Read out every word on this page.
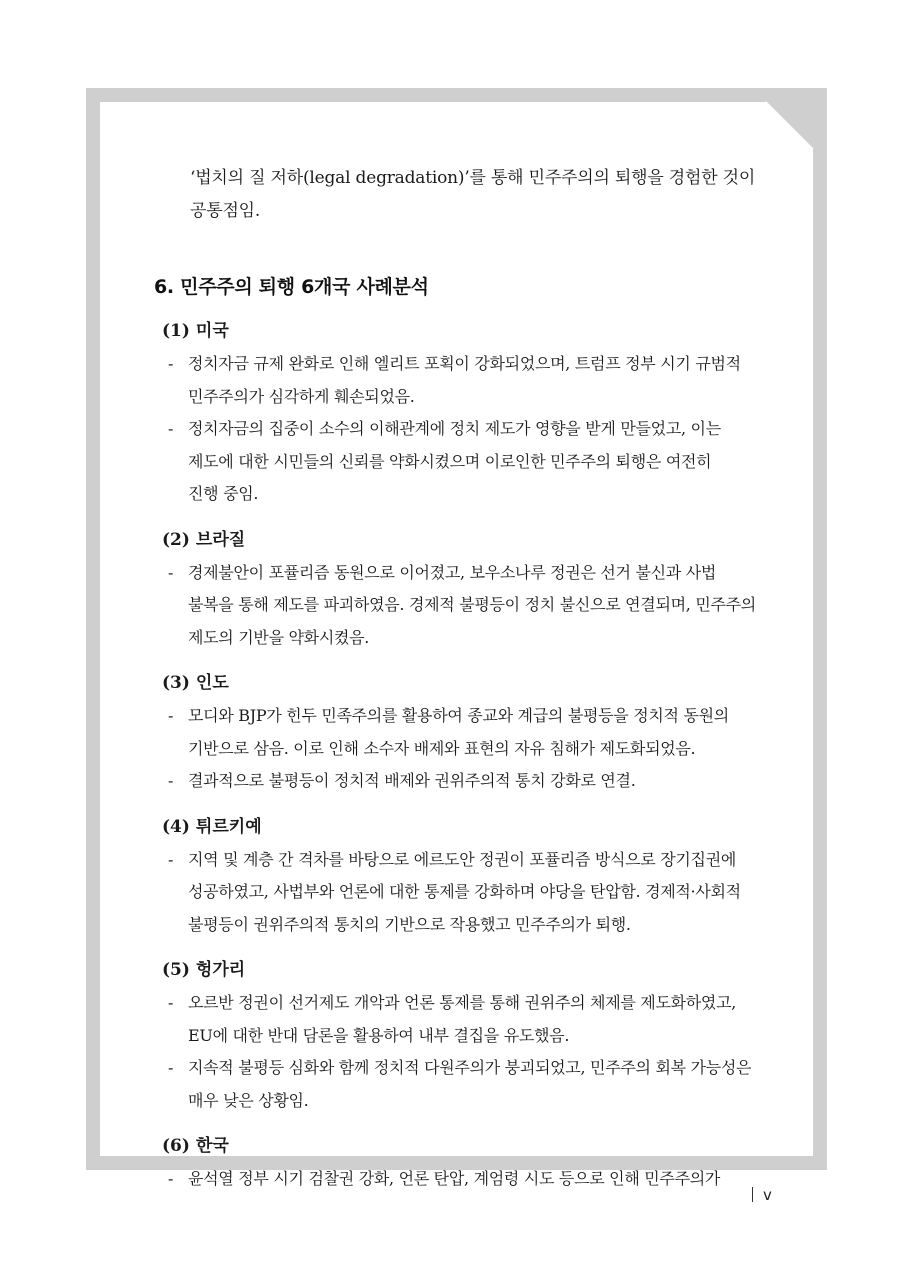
‘법치의 질 저하(legal degradation)’를 통해 민주주의의 퇴행을 경험한 것이

공통점임.

6. 민주주의 퇴행 6개국 사례분석

(1) 미국

- 정치자금 규제 완화로 인해 엘리트 포획이 강화되었으며, 트럼프 정부 시기 규범적
민주주의가 심각하게 훼손되었음.
- 정치자금의 집중이 소수의 이해관계에 정치 제도가 영향을 받게 만들었고, 이는
제도에 대한 시민들의 신뢰를 약화시켰으며 이로인한 민주주의 퇴행은 여전히
진행 중임.

(2) 브라질

- 경제불안이 포퓰리즘 동원으로 이어졌고, 보우소나루 정권은 선거 불신과 사법
불복을 통해 제도를 파괴하였음. 경제적 불평등이 정치 불신으로 연결되며, 민주주의
제도의 기반을 약화시켰음.

(3) 인도

- 모디와 BJP가 힌두 민족주의를 활용하여 종교와 계급의 불평등을 정치적 동원의
기반으로 삼음. 이로 인해 소수자 배제와 표현의 자유 침해가 제도화되었음.
- 결과적으로 불평등이 정치적 배제와 권위주의적 통치 강화로 연결.

(4) 튀르키예

- 지역 및 계층 간 격차를 바탕으로 에르도안 정권이 포퓰리즘 방식으로 장기집권에
성공하였고, 사법부와 언론에 대한 통제를 강화하며 야당을 탄압함. 경제적·사회적
불평등이 권위주의적 통치의 기반으로 작용했고 민주주의가 퇴행.

(5) 헝가리

- 오르반 정권이 선거제도 개악과 언론 통제를 통해 권위주의 체제를 제도화하였고,
EU에 대한 반대 담론을 활용하여 내부 결집을 유도했음.
- 지속적 불평등 심화와 함께 정치적 다원주의가 붕괴되었고, 민주주의 회복 가능성은
매우 낮은 상황임.

(6) 한국

- 윤석열 정부 시기 검찰권 강화, 언론 탄압, 계엄령 시도 등으로 인해 민주주의가
v
